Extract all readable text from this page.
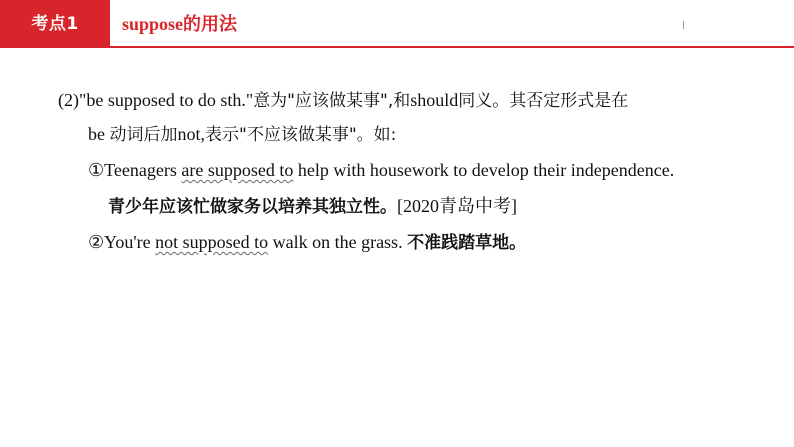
考点1	suppose的用法
(2)"be supposed to do sth."意为"应该做某事",和should同义。其否定形式是在
be 动词后加not,表示"不应该做某事"。如:
①Teenagers are supposed to help with housework to develop their independence.
青少年应该忙做家务以培养其独立性。[2020青岛中考]
②You're not supposed to walk on the grass. 不准践踏草地。
